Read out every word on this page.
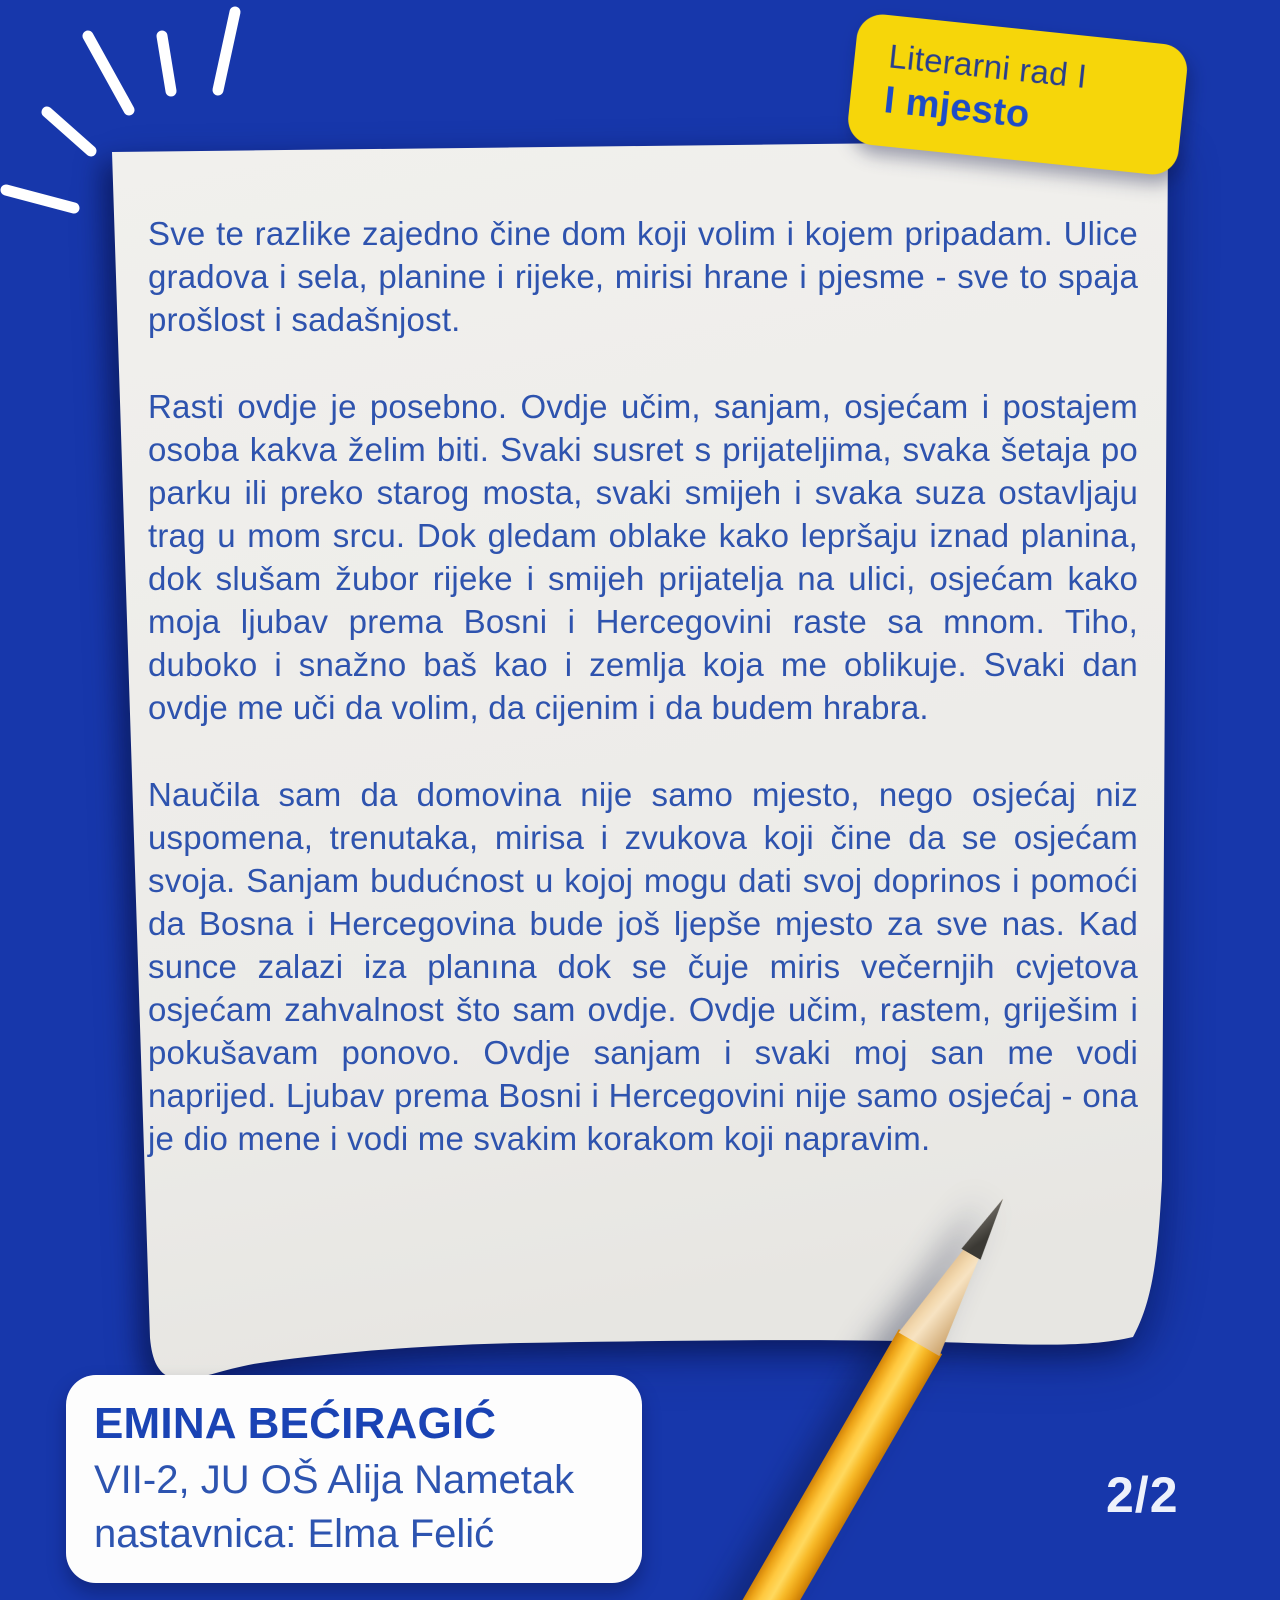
Sve te razlike zajedno čine dom koji volim i kojem pripadam. Ulice gradova i sela, planine i rijeke, mirisi hrane i pjesme - sve to spaja prošlost i sadašnjost.

Rasti ovdje je posebno. Ovdje učim, sanjam, osjećam i postajem osoba kakva želim biti. Svaki susret s prijateljima, svaka šetaja po parku ili preko starog mosta, svaki smijeh i svaka suza ostavljaju trag u mom srcu. Dok gledam oblake kako lepršaju iznad planina, dok slušam žubor rijeke i smijeh prijatelja na ulici, osjećam kako moja ljubav prema Bosni i Hercegovini raste sa mnom. Tiho, duboko i snažno baš kao i zemlja koja me oblikuje. Svaki dan ovdje me uči da volim, da cijenim i da budem hrabra.

Naučila sam da domovina nije samo mjesto, nego osjećaj niz uspomena, trenutaka, mirisa i zvukova koji čine da se osjećam svoja. Sanjam budućnost u kojoj mogu dati svoj doprinos i pomoći da Bosna i Hercegovina bude još ljepše mjesto za sve nas. Kad sunce zalazi iza planına dok se čuje miris večernjih cvjetova osjećam zahvalnost što sam ovdje. Ovdje učim, rastem, griješim i pokušavam ponovo. Ovdje sanjam i svaki moj san me vodi naprijed. Ljubav prema Bosni i Hercegovini nije samo osjećaj - ona je dio mene i vodi me svakim korakom koji napravim.

Literarni rad I
I mjesto
EMINA BEĆIRAGIĆ
VII-2, JU OŠ Alija Nametak
nastavnica: Elma Felić
2/2
